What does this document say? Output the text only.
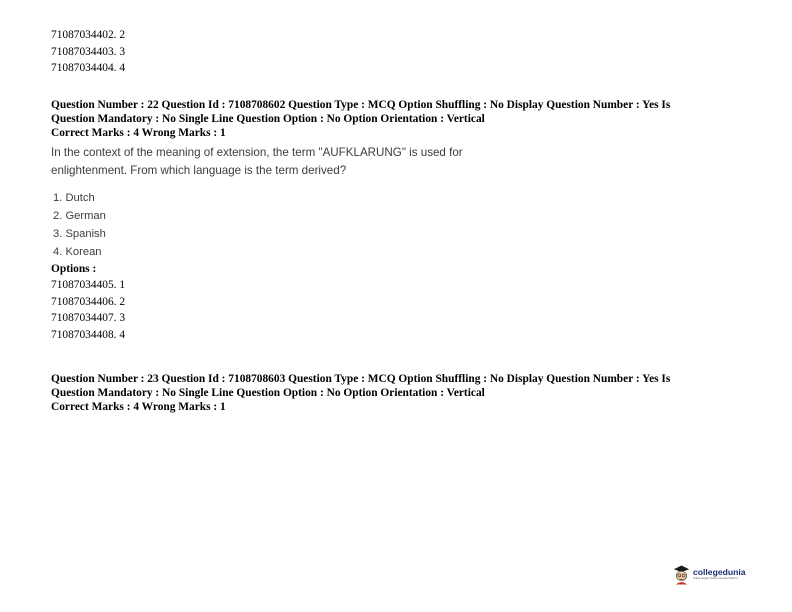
71087034402. 2
71087034403. 3
71087034404. 4
Question Number : 22 Question Id : 7108708602 Question Type : MCQ Option Shuffling : No Display Question Number : Yes Is
Question Mandatory : No Single Line Question Option : No Option Orientation : Vertical
Correct Marks : 4 Wrong Marks : 1
In the context of the meaning of extension, the term "AUFKLARUNG" is used for
enlightenment. From which language is the term derived?
1. Dutch
2. German
3. Spanish
4. Korean
Options :
71087034405. 1
71087034406. 2
71087034407. 3
71087034408. 4
Question Number : 23 Question Id : 7108708603 Question Type : MCQ Option Shuffling : No Display Question Number : Yes Is
Question Mandatory : No Single Line Question Option : No Option Orientation : Vertical
Correct Marks : 4 Wrong Marks : 1
collegedunia
India's largest Student Review Platform
